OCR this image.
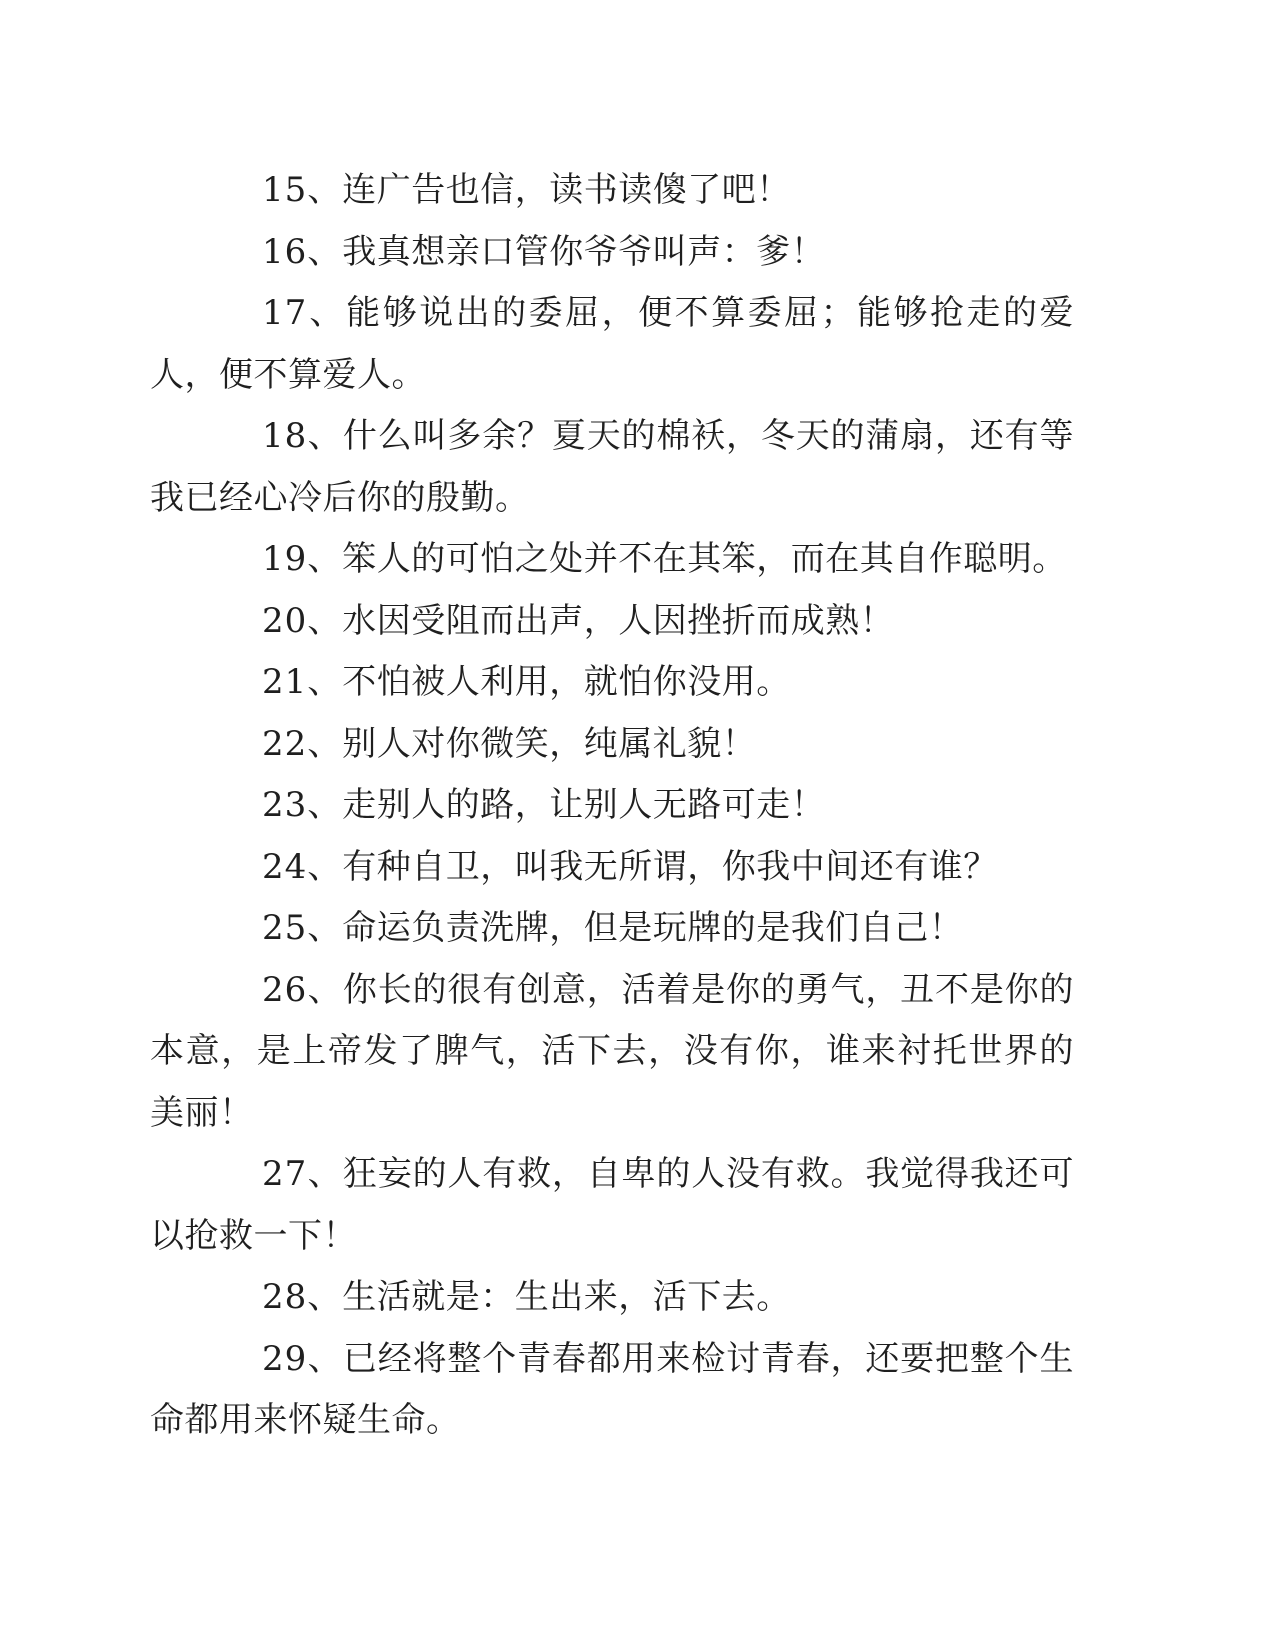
15、连广告也信，读书读傻了吧！

16、我真想亲口管你爷爷叫声：爹！

17、能够说出的委屈，便不算委屈；能够抢走的爱人，便不算爱人。

18、什么叫多余？夏天的棉袄，冬天的蒲扇，还有等我已经心冷后你的殷勤。

19、笨人的可怕之处并不在其笨，而在其自作聪明。

20、水因受阻而出声，人因挫折而成熟！

21、不怕被人利用，就怕你没用。

22、别人对你微笑，纯属礼貌！

23、走别人的路，让别人无路可走！

24、有种自卫，叫我无所谓，你我中间还有谁？

25、命运负责洗牌，但是玩牌的是我们自己！

26、你长的很有创意，活着是你的勇气，丑不是你的本意，是上帝发了脾气，活下去，没有你，谁来衬托世界的美丽！

27、狂妄的人有救，自卑的人没有救。我觉得我还可以抢救一下！

28、生活就是：生出来，活下去。

29、已经将整个青春都用来检讨青春，还要把整个生命都用来怀疑生命。
